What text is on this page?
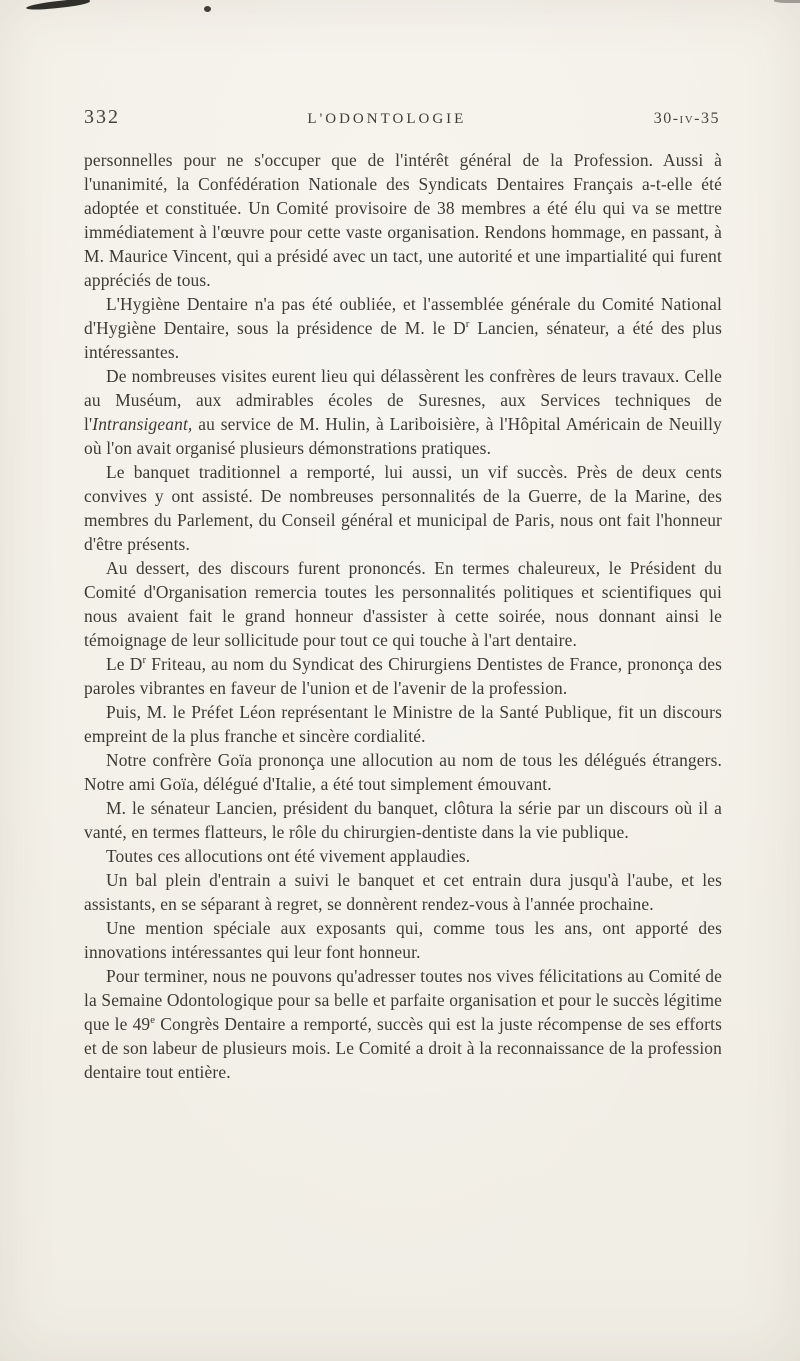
332	L'ODONTOLOGIE	30-iv-35

personnelles pour ne s'occuper que de l'intérêt général de la Profession. Aussi à l'unanimité, la Confédération Nationale des Syndicats Dentaires Français a-t-elle été adoptée et constituée. Un Comité provisoire de 38 membres a été élu qui va se mettre immédiatement à l'œuvre pour cette vaste organisation. Rendons hommage, en passant, à M. Maurice Vincent, qui a présidé avec un tact, une autorité et une impartialité qui furent appréciés de tous.

L'Hygiène Dentaire n'a pas été oubliée, et l'assemblée générale du Comité National d'Hygiène Dentaire, sous la présidence de M. le $D^r$ Lancien, sénateur, a été des plus intéressantes.

De nombreuses visites eurent lieu qui délassèrent les confrères de leurs travaux. Celle au Muséum, aux admirables écoles de Suresnes, aux Services techniques de l'Intransigeant, au service de M. Hulin, à Lariboisière, à l'Hôpital Américain de Neuilly où l'on avait organisé plusieurs démonstrations pratiques.

Le banquet traditionnel a remporté, lui aussi, un vif succès. Près de deux cents convives y ont assisté. De nombreuses personnalités de la Guerre, de la Marine, des membres du Parlement, du Conseil général et municipal de Paris, nous ont fait l'honneur d'être présents.

Au dessert, des discours furent prononcés. En termes chaleureux, le Président du Comité d'Organisation remercia toutes les personnalités politiques et scientifiques qui nous avaient fait le grand honneur d'assister à cette soirée, nous donnant ainsi le témoignage de leur sollicitude pour tout ce qui touche à l'art dentaire.

Le $D^r$ Friteau, au nom du Syndicat des Chirurgiens Dentistes de France, prononça des paroles vibrantes en faveur de l'union et de l'avenir de la profession.

Puis, M. le Préfet Léon représentant le Ministre de la Santé Publique, fit un discours empreint de la plus franche et sincère cordialité.

Notre confrère Goïa prononça une allocution au nom de tous les délégués étrangers. Notre ami Goïa, délégué d'Italie, a été tout simplement émouvant.

M. le sénateur Lancien, président du banquet, clôtura la série par un discours où il a vanté, en termes flatteurs, le rôle du chirurgien-dentiste dans la vie publique.

Toutes ces allocutions ont été vivement applaudies.

Un bal plein d'entrain a suivi le banquet et cet entrain dura jusqu'à l'aube, et les assistants, en se séparant à regret, se donnèrent rendez-vous à l'année prochaine.

Une mention spéciale aux exposants qui, comme tous les ans, ont apporté des innovations intéressantes qui leur font honneur.

Pour terminer, nous ne pouvons qu'adresser toutes nos vives félicitations au Comité de la Semaine Odontologique pour sa belle et parfaite organisation et pour le succès légitime que le 49e Congrès Dentaire a remporté, succès qui est la juste récompense de ses efforts et de son labeur de plusieurs mois. Le Comité a droit à la reconnaissance de la profession dentaire tout entière.
